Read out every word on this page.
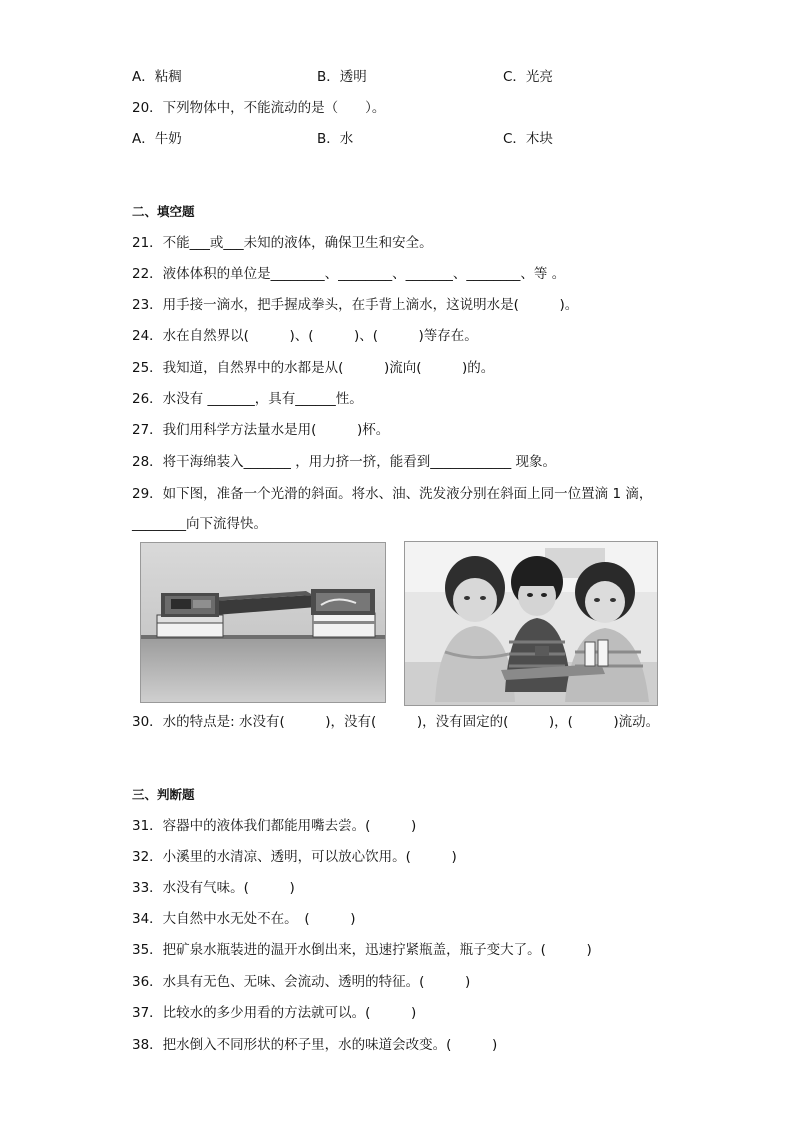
A．粘稠	B．透明	C．光亮
20．下列物体中，不能流动的是（　　）。
A．牛奶	B．水	C．木块
二、填空题
21．不能___或___未知的液体，确保卫生和安全。
22．液体体积的单位是________、________、_______、________、等 。
23．用手接一滴水，把手握成拳头，在手背上滴水，这说明水是(　　　)。
24．水在自然界以(　　　)、(　　　)、(　　　)等存在。
25．我知道，自然界中的水都是从(　　　)流向(　　　)的。
26．水没有 _______，具有______性。
27．我们用科学方法量水是用(　　　)杯。
28．将干海绵装入_______ ，用力挤一挤，能看到____________ 现象。
29．如下图，准备一个光滑的斜面。将水、油、洗发液分别在斜面上同一位置滴 1 滴，
________向下流得快。
30．水的特点是: 水没有(　　　)，没有(　　　)，没有固定的(　　　)，(　　　)流动。
三、判断题
31．容器中的液体我们都能用嘴去尝。(　　　)
32．小溪里的水清凉、透明，可以放心饮用。(　　　)
33．水没有气味。(　　　)
34．大自然中水无处不在。　(　　　)
35．把矿泉水瓶装进的温开水倒出来，迅速拧紧瓶盖，瓶子变大了。(　　　)
36．水具有无色、无味、会流动、透明的特征。(　　　)
37．比较水的多少用看的方法就可以。(　　　)
38．把水倒入不同形状的杯子里，水的味道会改变。(　　　)
